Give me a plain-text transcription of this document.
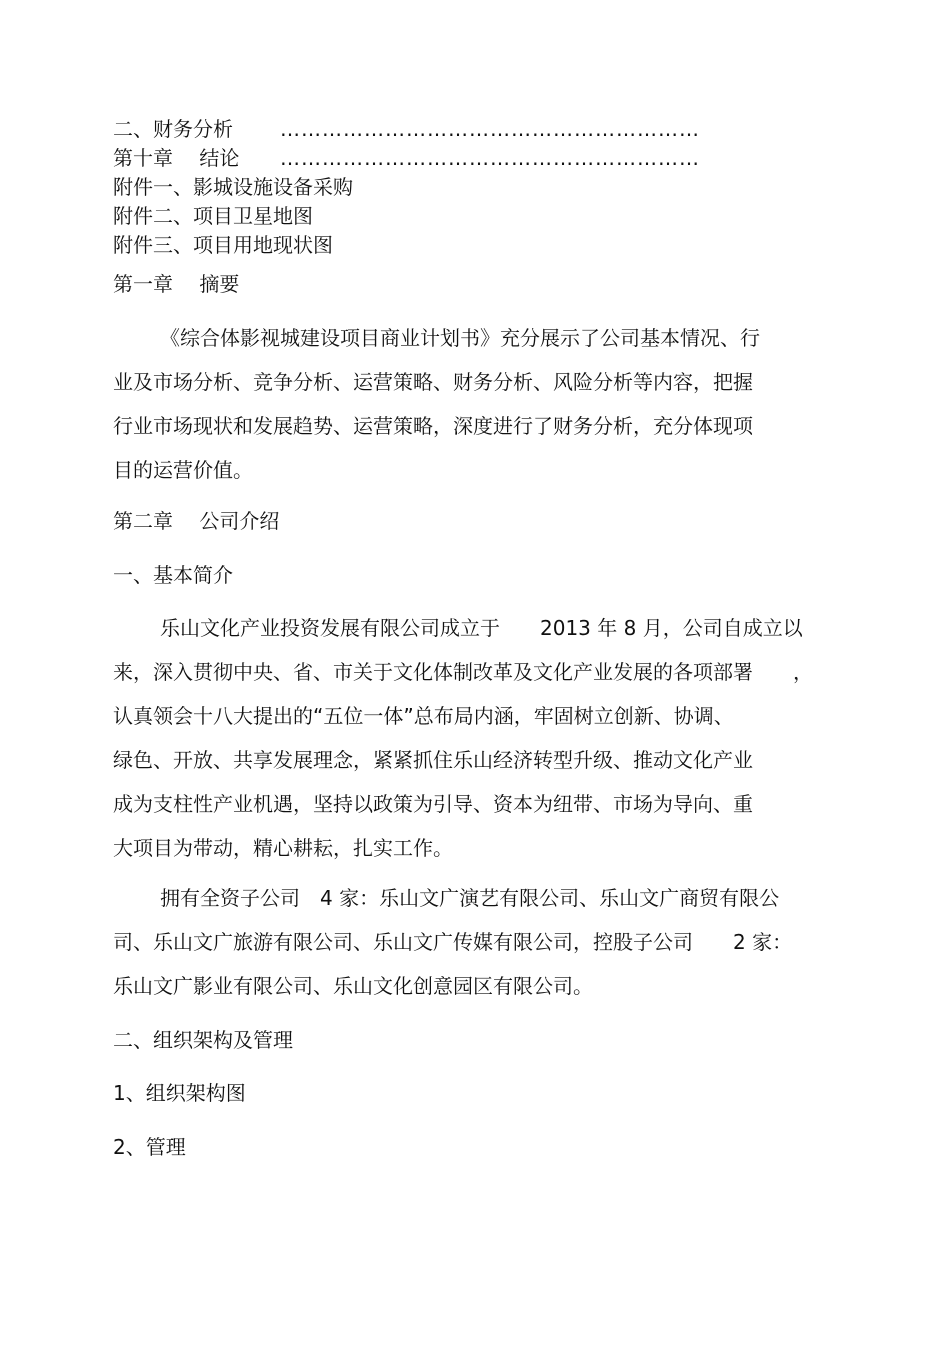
二、财务分析 ……………………………………………………
第十章　 结论 ……………………………………………………
附件一、影城设施设备采购
附件二、项目卫星地图
附件三、项目用地现状图
第一章　 摘要
《综合体影视城建设项目商业计划书》充分展示了公司基本情况、行
业及市场分析、竞争分析、运营策略、财务分析、风险分析等内容，把握
行业市场现状和发展趋势、运营策略，深度进行了财务分析，充分体现项
目的运营价值。
第二章　 公司介绍
一、基本简介
乐山文化产业投资发展有限公司成立于　　2013 年 8 月，公司自成立以
来，深入贯彻中央、省、市关于文化体制改革及文化产业发展的各项部署　　，
认真领会十八大提出的“五位一体”总布局内涵，牢固树立创新、协调、
绿色、开放、共享发展理念，紧紧抓住乐山经济转型升级、推动文化产业
成为支柱性产业机遇，坚持以政策为引导、资本为纽带、市场为导向、重
大项目为带动，精心耕耘，扎实工作。
拥有全资子公司　4 家：乐山文广演艺有限公司、乐山文广商贸有限公
司、乐山文广旅游有限公司、乐山文广传媒有限公司，控股子公司　　2 家：
乐山文广影业有限公司、乐山文化创意园区有限公司。
二、组织架构及管理
1、组织架构图
2、管理
